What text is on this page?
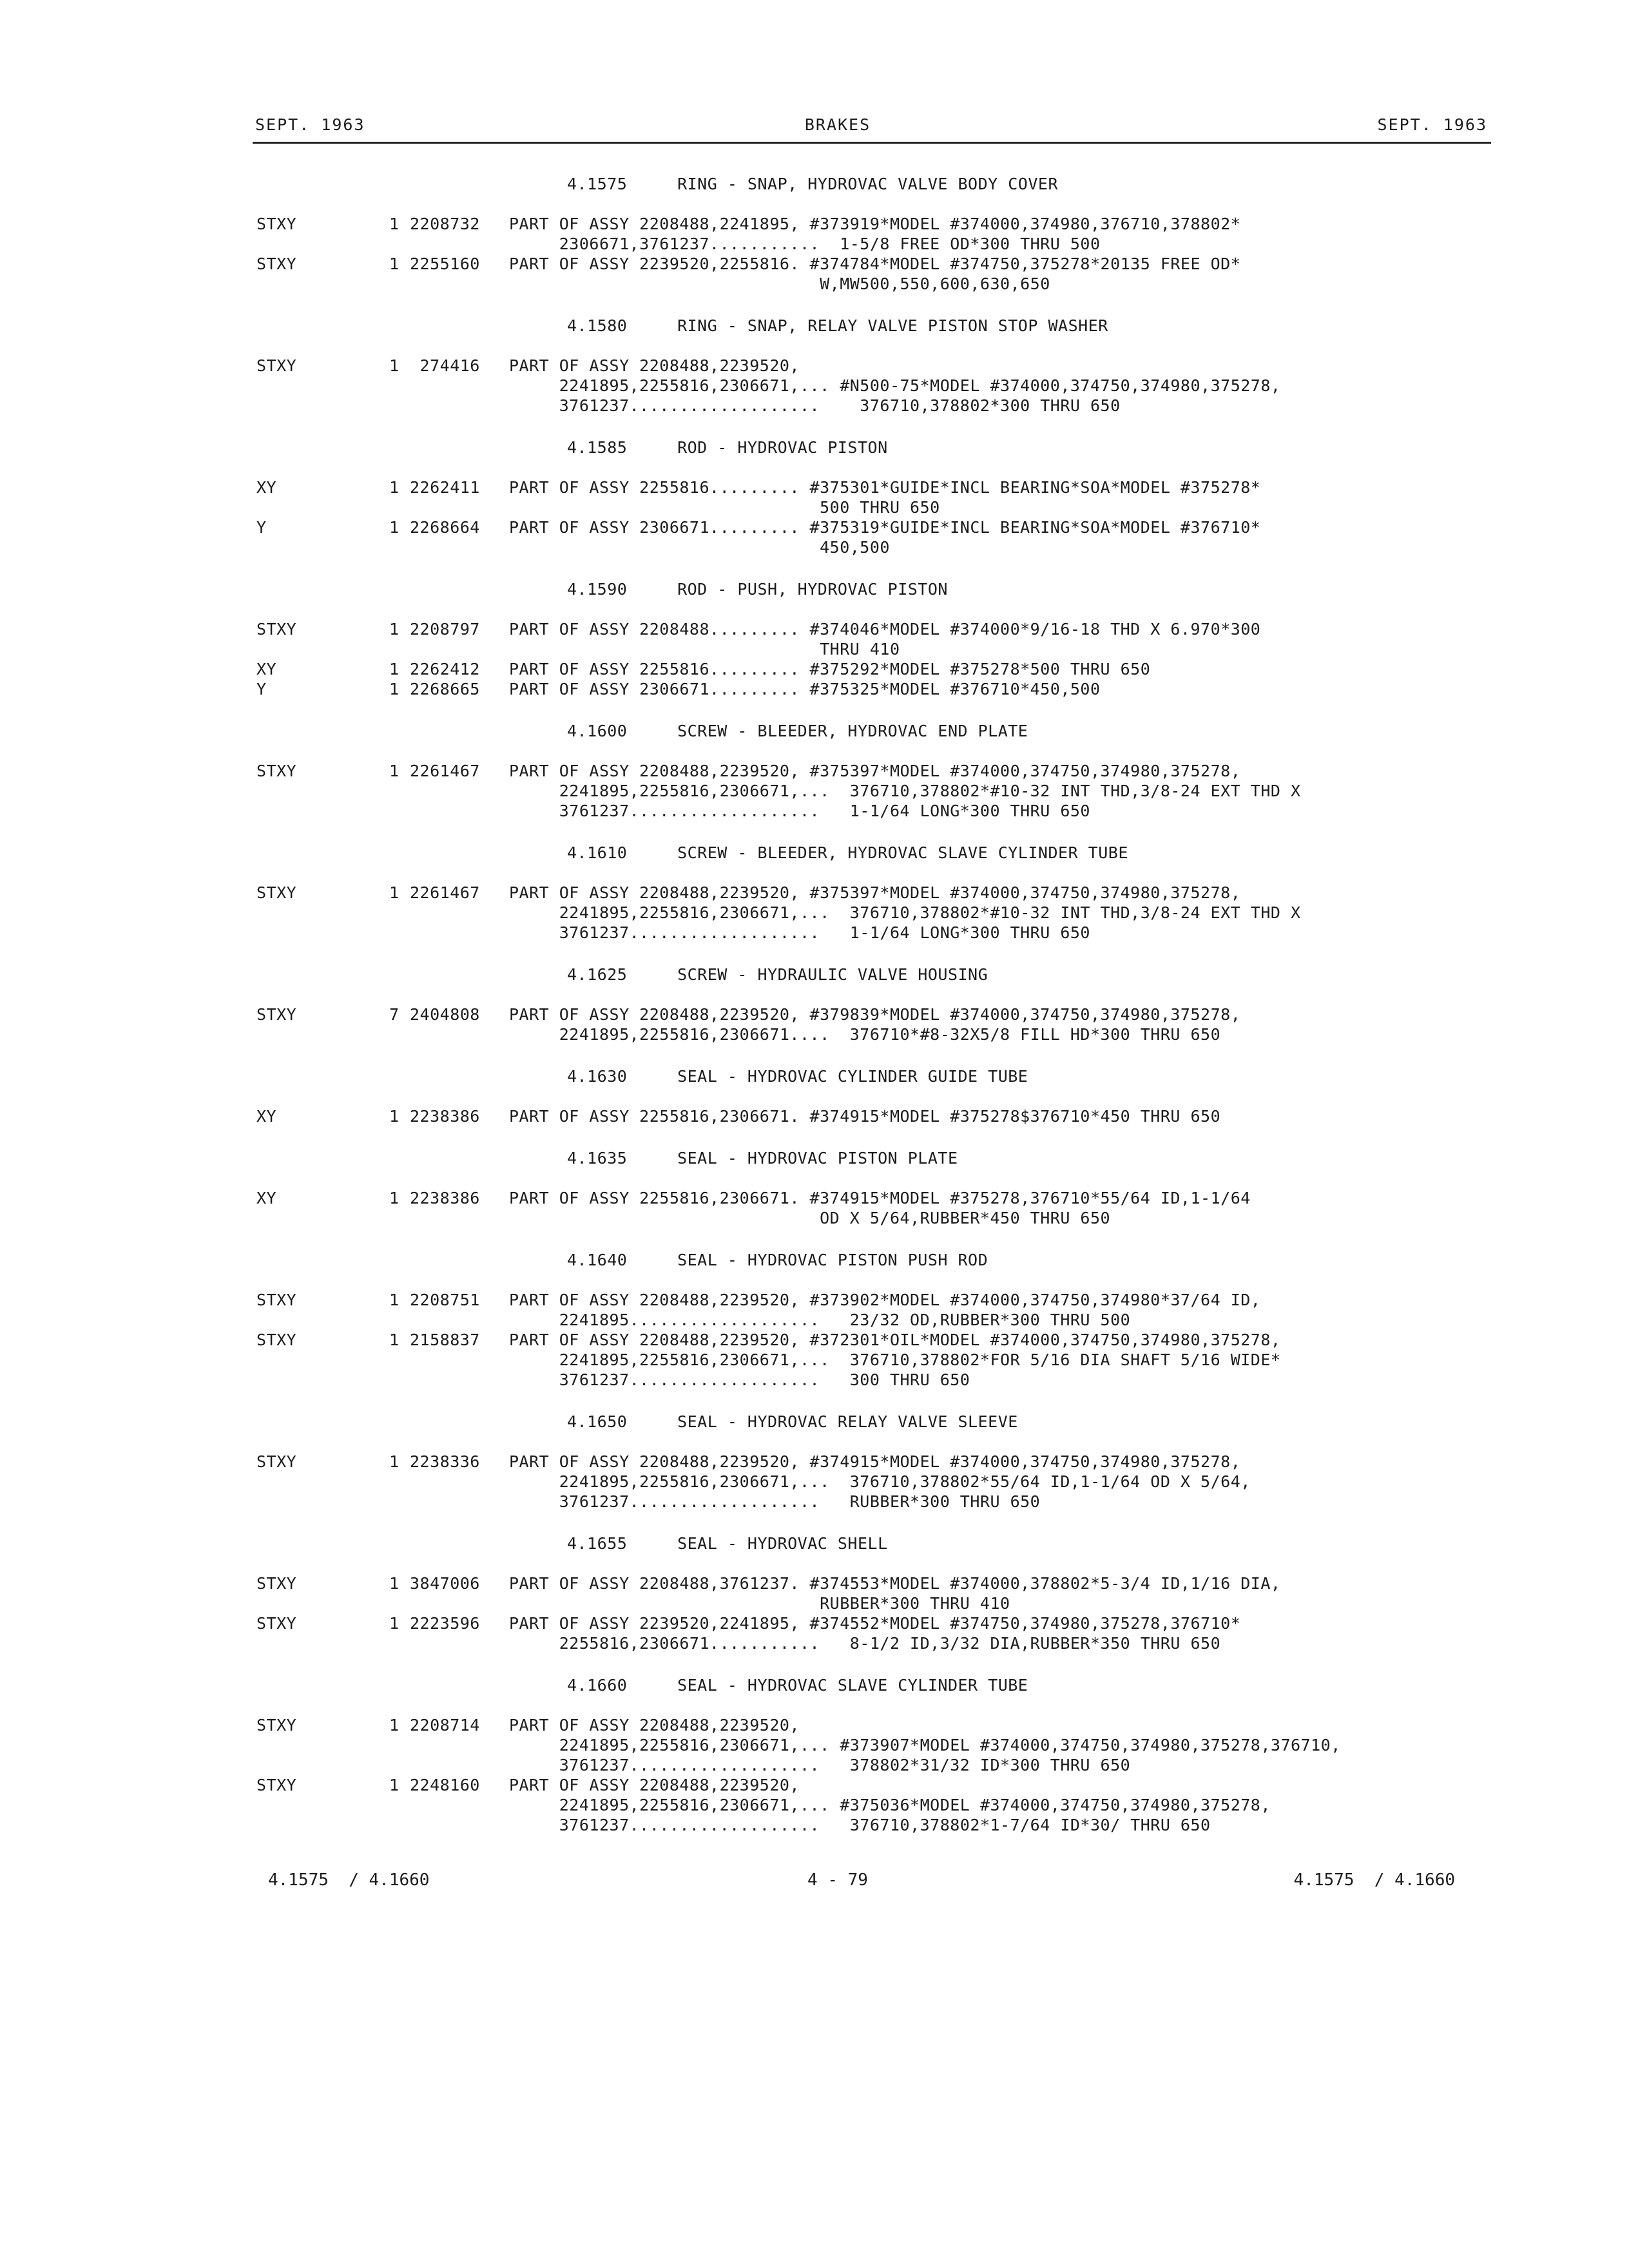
SEPT. 1963	BRAKES	SEPT. 1963
4.1575     RING - SNAP, HYDROVAC VALVE BODY COVER
STXY	1 2208732 PART OF ASSY 2208488,2241895, #373919*MODEL #374000,374980,376710,378802*
2306671,3761237...........  1-5/8 FREE OD*300 THRU 500
STXY	1 2255160 PART OF ASSY 2239520,2255816. #374784*MODEL #374750,375278*20135 FREE OD*
W,MW500,550,600,630,650
4.1580     RING - SNAP, RELAY VALVE PISTON STOP WASHER
STXY	1 274416 PART OF ASSY 2208488,2239520,
2241895,2255816,2306671,... #N500-75*MODEL #374000,374750,374980,375278,
3761237...................    376710,378802*300 THRU 650
4.1585     ROD - HYDROVAC PISTON
XY	1 2262411 PART OF ASSY 2255816......... #375301*GUIDE*INCL BEARING*SOA*MODEL #375278*
500 THRU 650
Y	1 2268664 PART OF ASSY 2306671......... #375319*GUIDE*INCL BEARING*SOA*MODEL #376710*
450,500
4.1590     ROD - PUSH, HYDROVAC PISTON
STXY	1 2208797 PART OF ASSY 2208488......... #374046*MODEL #374000*9/16-18 THD X 6.970*300
THRU 410
XY	1 2262412 PART OF ASSY 2255816......... #375292*MODEL #375278*500 THRU 650
Y	1 2268665 PART OF ASSY 2306671......... #375325*MODEL #376710*450,500
4.1600     SCREW - BLEEDER, HYDROVAC END PLATE
STXY	1 2261467 PART OF ASSY 2208488,2239520, #375397*MODEL #374000,374750,374980,375278,
2241895,2255816,2306671,...  376710,378802*#10-32 INT THD,3/8-24 EXT THD X
3761237...................   1-1/64 LONG*300 THRU 650
4.1610     SCREW - BLEEDER, HYDROVAC SLAVE CYLINDER TUBE
STXY	1 2261467 PART OF ASSY 2208488,2239520, #375397*MODEL #374000,374750,374980,375278,
2241895,2255816,2306671,...  376710,378802*#10-32 INT THD,3/8-24 EXT THD X
3761237...................   1-1/64 LONG*300 THRU 650
4.1625     SCREW - HYDRAULIC VALVE HOUSING
STXY	7 2404808 PART OF ASSY 2208488,2239520, #379839*MODEL #374000,374750,374980,375278,
2241895,2255816,2306671....  376710*#8-32X5/8 FILL HD*300 THRU 650
4.1630     SEAL - HYDROVAC CYLINDER GUIDE TUBE
XY	1 2238386 PART OF ASSY 2255816,2306671. #374915*MODEL #375278$376710*450 THRU 650
4.1635     SEAL - HYDROVAC PISTON PLATE
XY	1 2238386 PART OF ASSY 2255816,2306671. #374915*MODEL #375278,376710*55/64 ID,1-1/64
OD X 5/64,RUBBER*450 THRU 650
4.1640     SEAL - HYDROVAC PISTON PUSH ROD
STXY	1 2208751 PART OF ASSY 2208488,2239520, #373902*MODEL #374000,374750,374980*37/64 ID,
2241895...................   23/32 OD,RUBBER*300 THRU 500
STXY	1 2158837 PART OF ASSY 2208488,2239520, #372301*OIL*MODEL #374000,374750,374980,375278,
2241895,2255816,2306671,...  376710,378802*FOR 5/16 DIA SHAFT 5/16 WIDE*
3761237...................   300 THRU 650
4.1650     SEAL - HYDROVAC RELAY VALVE SLEEVE
STXY	1 2238336 PART OF ASSY 2208488,2239520, #374915*MODEL #374000,374750,374980,375278,
2241895,2255816,2306671,...  376710,378802*55/64 ID,1-1/64 OD X 5/64,
3761237...................   RUBBER*300 THRU 650
4.1655     SEAL - HYDROVAC SHELL
STXY	1 3847006 PART OF ASSY 2208488,3761237. #374553*MODEL #374000,378802*5-3/4 ID,1/16 DIA,
RUBBER*300 THRU 410
STXY	1 2223596 PART OF ASSY 2239520,2241895, #374552*MODEL #374750,374980,375278,376710*
2255816,2306671...........   8-1/2 ID,3/32 DIA,RUBBER*350 THRU 650
4.1660     SEAL - HYDROVAC SLAVE CYLINDER TUBE
STXY	1 2208714 PART OF ASSY 2208488,2239520,
2241895,2255816,2306671,... #373907*MODEL #374000,374750,374980,375278,376710,
3761237...................   378802*31/32 ID*300 THRU 650
STXY	1 2248160 PART OF ASSY 2208488,2239520,
2241895,2255816,2306671,... #375036*MODEL #374000,374750,374980,375278,
3761237...................   376710,378802*1-7/64 ID*30/ THRU 650
4.1575  / 4.1660	4 - 79	4.1575  / 4.1660
